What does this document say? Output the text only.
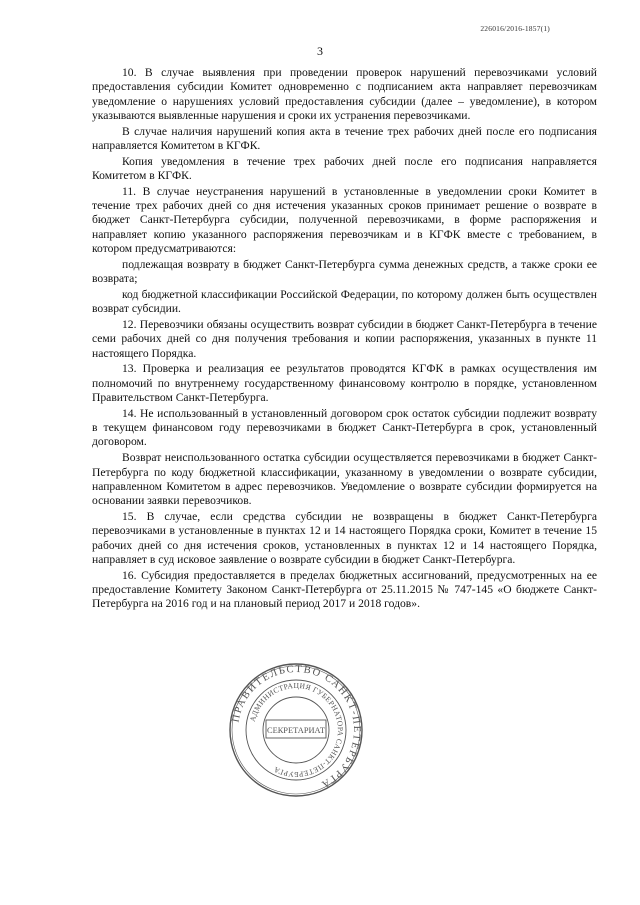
226016/2016-1857(1)
3

10. В случае выявления при проведении проверок нарушений перевозчиками условий предоставления субсидии Комитет одновременно с подписанием акта направляет перевозчикам уведомление о нарушениях условий предоставления субсидии (далее – уведомление), в котором указываются выявленные нарушения и сроки их устранения перевозчиками.

В случае наличия нарушений копия акта в течение трех рабочих дней после его подписания направляется Комитетом в КГФК.

Копия уведомления в течение трех рабочих дней после его подписания направляется Комитетом в КГФК.

11. В случае неустранения нарушений в установленные в уведомлении сроки Комитет в течение трех рабочих дней со дня истечения указанных сроков принимает решение о возврате в бюджет Санкт-Петербурга субсидии, полученной перевозчиками, в форме распоряжения и направляет копию указанного распоряжения перевозчикам и в КГФК вместе с требованием, в котором предусматриваются:

подлежащая возврату в бюджет Санкт-Петербурга сумма денежных средств, а также сроки ее возврата;

код бюджетной классификации Российской Федерации, по которому должен быть осуществлен возврат субсидии.

12. Перевозчики обязаны осуществить возврат субсидии в бюджет Санкт-Петербурга в течение семи рабочих дней со дня получения требования и копии распоряжения, указанных в пункте 11 настоящего Порядка.

13. Проверка и реализация ее результатов проводятся КГФК в рамках осуществления им полномочий по внутреннему государственному финансовому контролю в порядке, установленном Правительством Санкт-Петербурга.

14. Не использованный в установленный договором срок остаток субсидии подлежит возврату в текущем финансовом году перевозчиками в бюджет Санкт-Петербурга в срок, установленный договором.

Возврат неиспользованного остатка субсидии осуществляется перевозчиками в бюджет Санкт-Петербурга по коду бюджетной классификации, указанному в уведомлении о возврате субсидии, направленном Комитетом в адрес перевозчиков. Уведомление о возврате субсидии формируется на основании заявки перевозчиков.

15. В случае, если средства субсидии не возвращены в бюджет Санкт-Петербурга перевозчиками в установленные в пунктах 12 и 14 настоящего Порядка сроки, Комитет в течение 15 рабочих дней со дня истечения сроков, установленных в пунктах 12 и 14 настоящего Порядка, направляет в суд исковое заявление о возврате субсидии в бюджет Санкт-Петербурга.

16. Субсидия предоставляется в пределах бюджетных ассигнований, предусмотренных на ее предоставление Комитету Законом Санкт-Петербурга от 25.11.2015 № 747-145 «О бюджете Санкт-Петербурга на 2016 год и на плановый период 2017 и 2018 годов».

ПРАВИТЕЛЬСТВО САНКТ-ПЕТЕРБУРГА
АДМИНИСТРАЦИЯ ГУБЕРНАТОРА САНКТ-ПЕТЕРБУРГА
СЕКРЕТАРИАТ
